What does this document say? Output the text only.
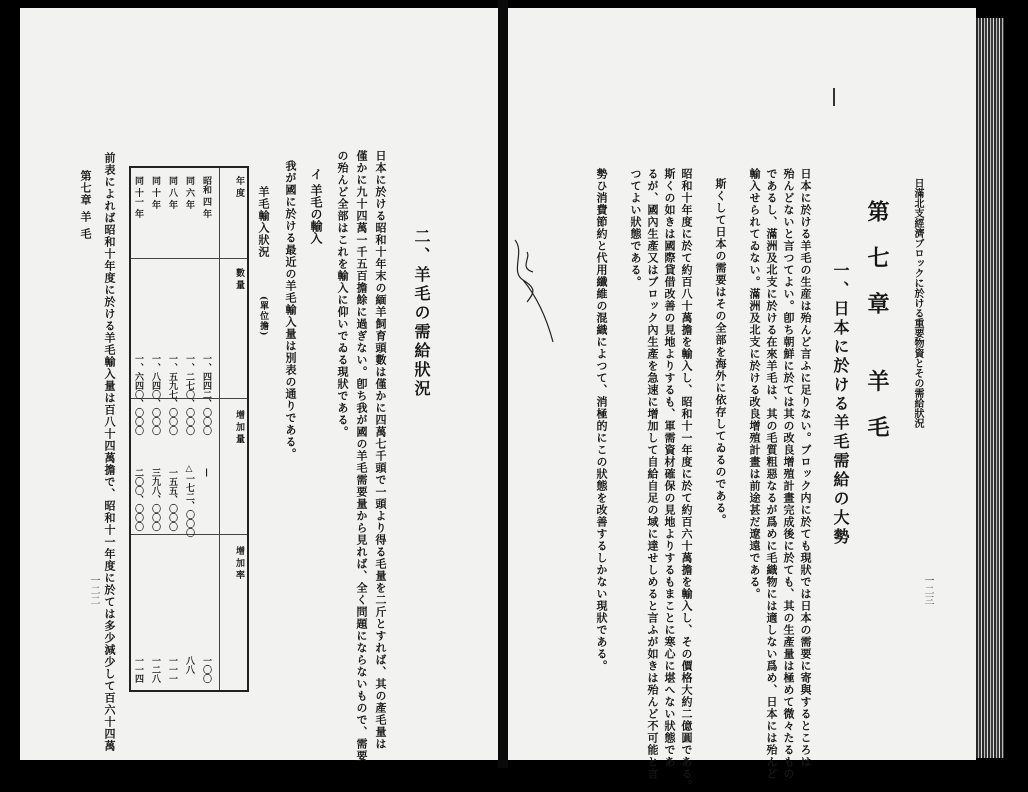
日滿北支經濟ブロックに於ける重要物資とその需給狀況
第七章 羊毛
一、日本に於ける羊毛需給の大勢
日本に於ける羊毛の生産は殆んど言ふに足りない。ブロック内に於ても現狀では日本の需要に寄與するところは
殆んどないと言つてよい。卽ち朝鮮に於ては其の改良增殖計畫完成後に於ても、其の生產量は極めて微々たるもの
であるし、滿洲及北支に於ける在來羊毛は、其の毛質粗惡なるが爲めに毛織物には適しない爲め、日本には殆んど
輸入せられてゐない。滿洲及北支に於ける改良增殖計畫は前途甚だ遼遠である。
斯くして日本の需要はその全部を海外に依存してゐるのである。
昭和十年度に於て約百八十萬擔を輸入し、昭和十一年度に於て約百六十萬擔を輸入し、その價格大約二億圓である。
斯くの如きは國際貸借改善の見地よりするも、軍需資材確保の見地よりするもまことに寒心に堪へない狀態であ
るが、國內生產又はブロック內生產を急速に增加して自給自足の域に達せしめると言ふが如きは殆んど不可能と言
つてよい狀態である。
勢ひ消費節約と代用纖維の混織によつて、消極的にこの狀態を改善するしかない現狀である。	一二三
二、羊毛の需給狀況
日本に於ける昭和十年末の緬羊飼育頭數は僅かに四萬七千頭で一頭より得る毛量を二斤とすれば、其の產毛量は
僅かに九十四萬一千五百擔餘に過ぎない。卽ち我が國の羊毛需要量から見れば、全く問題にならないもので、需要
の殆んど全部はこれを輸入に仰いでゐる現狀である。
イ 羊毛の輸入
我が國に於ける最近の羊毛輸入量は別表の通りである。
羊毛輸入狀況
(單位擔)
年 度
數 量
增 加 量
增 加 率
昭和 四 年
同 六 年
同 八 年
同 十 年
同 十一 年
一、四四二、〇〇〇
一、二七〇、〇〇〇
一、五九七、〇〇〇
一、八四〇、〇〇〇
一、六四〇、〇〇〇
—
△一七二、〇〇〇
一五五、〇〇〇
三九八、〇〇〇
二〇〇、〇〇〇
一〇〇
八八
一一一
一二八
一一四
前表によれば昭和十年度に於ける羊毛輸入量は百八十四萬擔で、昭和十一年度に於ては多少減少して百六十四萬
第七章 羊 毛
一二二
